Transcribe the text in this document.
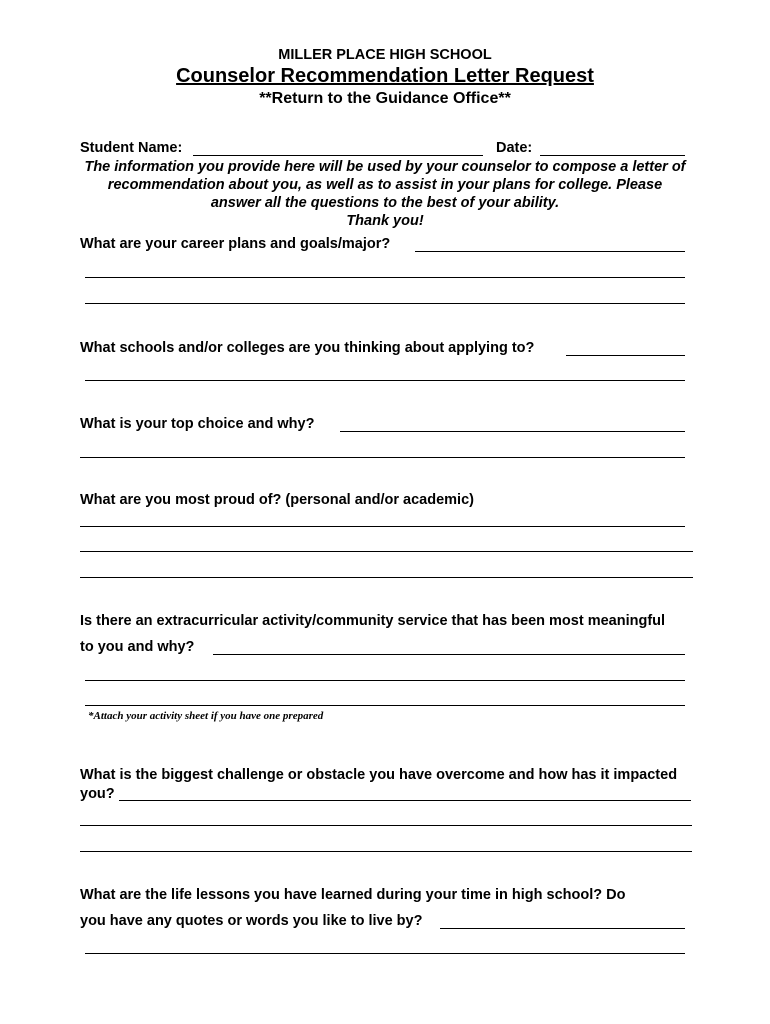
MILLER PLACE HIGH SCHOOL
Counselor Recommendation Letter Request
**Return to the Guidance Office**
Student Name:	Date:
The information you provide here will be used by your counselor to compose a letter of
recommendation about you, as well as to assist in your plans for college. Please
answer all the questions to the best of your ability.
Thank you!
What are your career plans and goals/major?
What schools and/or colleges are you thinking about applying to?
What is your top choice and why?
What are you most proud of? (personal and/or academic)
Is there an extracurricular activity/community service that has been most meaningful
to you and why?
*Attach your activity sheet if you have one prepared
What is the biggest challenge or obstacle you have overcome and how has it impacted
you?
What are the life lessons you have learned during your time in high school? Do
you have any quotes or words you like to live by?
